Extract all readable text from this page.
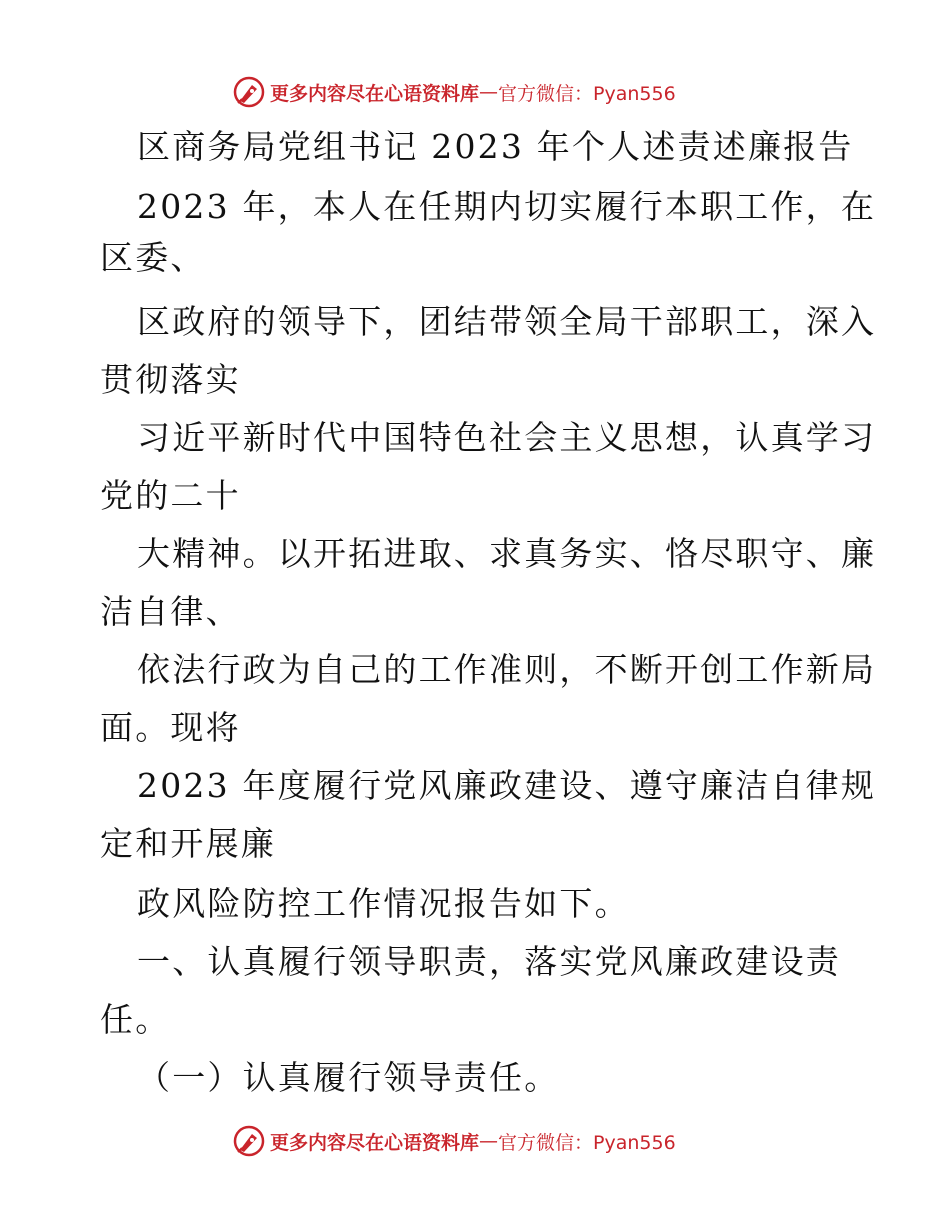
更多内容尽在心语资料库 — 官方微信：Pyan556
区商务局党组书记 2023 年个人述责述廉报告
2023 年，本人在任期内切实履行本职工作，在
区委、
区政府的领导下，团结带领全局干部职工，深入
贯彻落实
习近平新时代中国特色社会主义思想，认真学习
党的二十
大精神。以开拓进取、求真务实、恪尽职守、廉
洁自律、
依法行政为自己的工作准则，不断开创工作新局
面。现将
2023 年度履行党风廉政建设、遵守廉洁自律规
定和开展廉
政风险防控工作情况报告如下。
一、认真履行领导职责，落实党风廉政建设责
任。
（一）认真履行领导责任。
更多内容尽在心语资料库 — 官方微信：Pyan556
